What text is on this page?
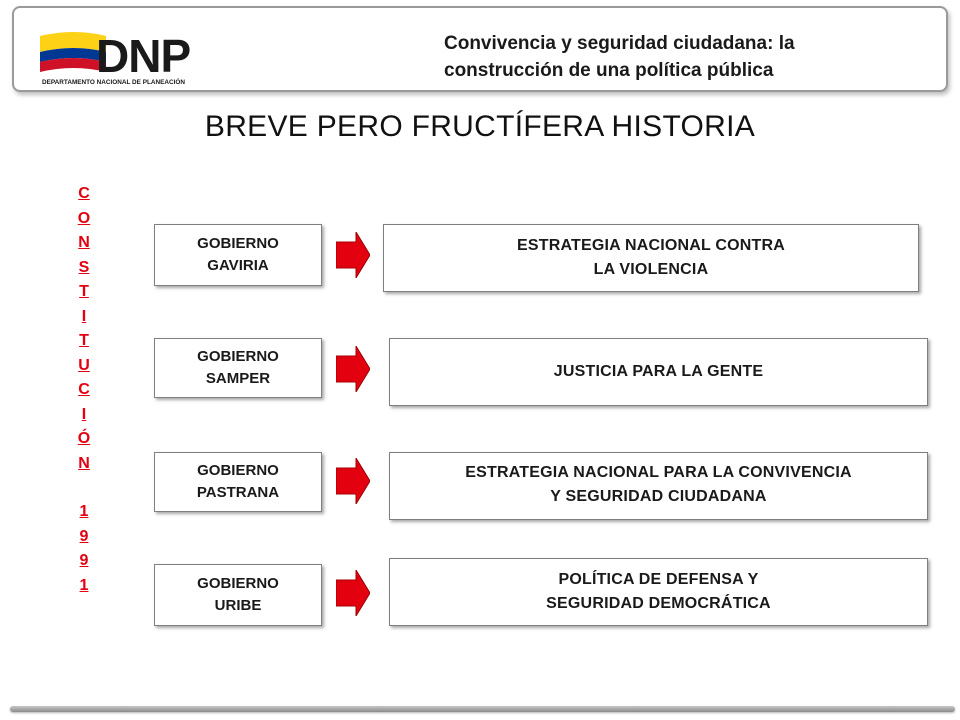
DNP
DEPARTAMENTO NACIONAL DE PLANEACIÓN
Convivencia y seguridad ciudadana: la
construcción de una política pública
BREVE PERO FRUCTÍFERA HISTORIA
C
O
N
S
T
I
T
U
C
I
Ó
N
1
9
9
1
GOBIERNO
GAVIRIA
ESTRATEGIA NACIONAL CONTRA
LA VIOLENCIA
GOBIERNO
SAMPER	JUSTICIA PARA LA GENTE
GOBIERNO
PASTRANA
ESTRATEGIA NACIONAL PARA LA CONVIVENCIA
Y SEGURIDAD CIUDADANA
GOBIERNO
URIBE
POLÍTICA DE DEFENSA Y
SEGURIDAD DEMOCRÁTICA
